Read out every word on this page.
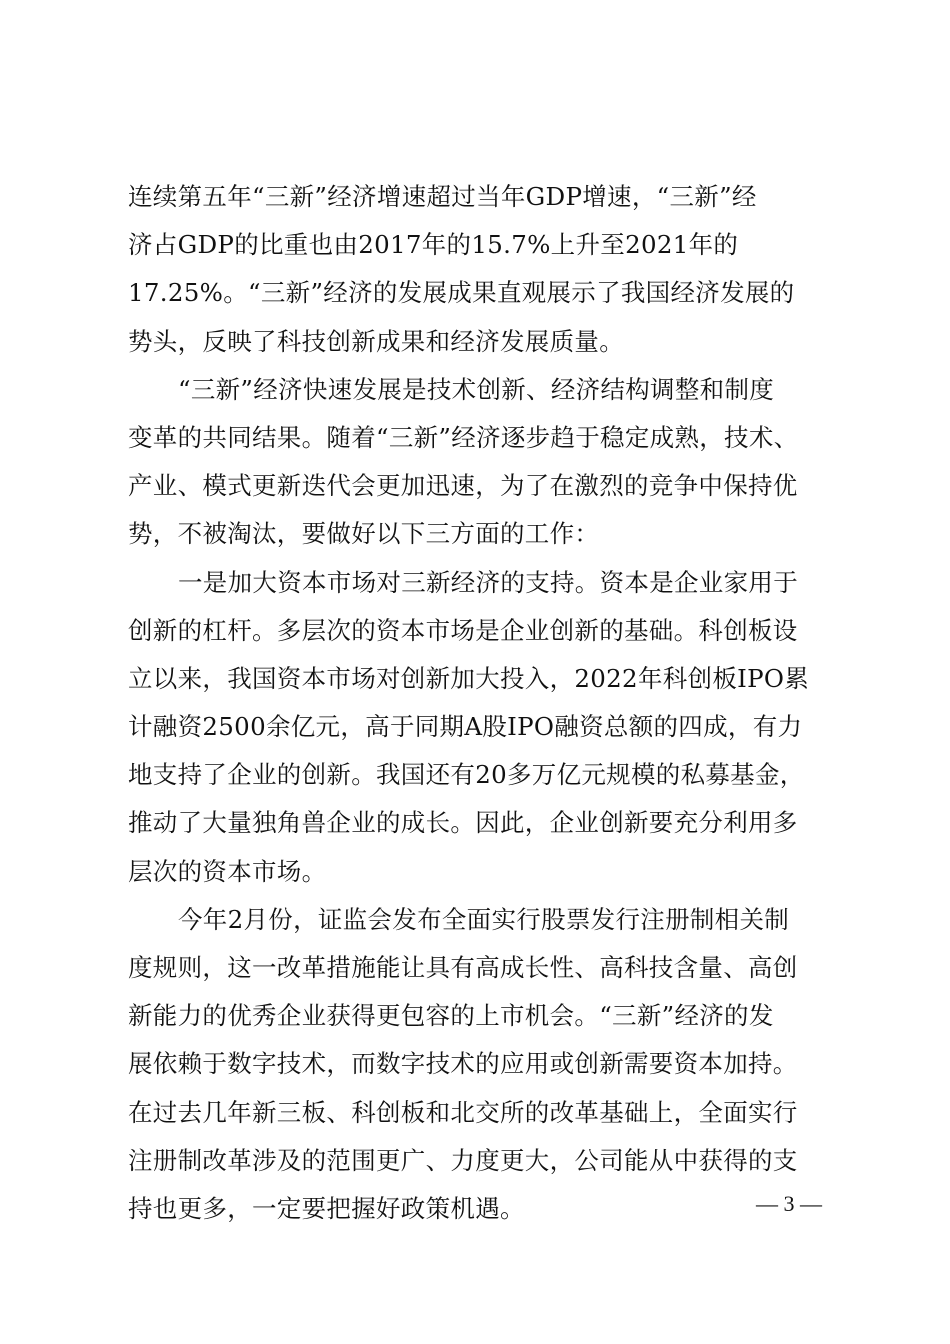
连续第五年“三新”经济增速超过当年GDP增速，“三新”经
济占GDP的比重也由2017年的15.7%上升至2021年的
17.25%。“三新”经济的发展成果直观展示了我国经济发展的
势头，反映了科技创新成果和经济发展质量。
“三新”经济快速发展是技术创新、经济结构调整和制度
变革的共同结果。随着“三新”经济逐步趋于稳定成熟，技术、
产业、模式更新迭代会更加迅速，为了在激烈的竞争中保持优
势，不被淘汰，要做好以下三方面的工作：
一是加大资本市场对三新经济的支持。资本是企业家用于
创新的杠杆。多层次的资本市场是企业创新的基础。科创板设
立以来，我国资本市场对创新加大投入，2022年科创板IPO累
计融资2500余亿元，高于同期A股IPO融资总额的四成，有力
地支持了企业的创新。我国还有20多万亿元规模的私募基金，
推动了大量独角兽企业的成长。因此，企业创新要充分利用多
层次的资本市场。
今年2月份，证监会发布全面实行股票发行注册制相关制
度规则，这一改革措施能让具有高成长性、高科技含量、高创
新能力的优秀企业获得更包容的上市机会。“三新”经济的发
展依赖于数字技术，而数字技术的应用或创新需要资本加持。
在过去几年新三板、科创板和北交所的改革基础上，全面实行
注册制改革涉及的范围更广、力度更大，公司能从中获得的支
持也更多，一定要把握好政策机遇。	— 3 —
